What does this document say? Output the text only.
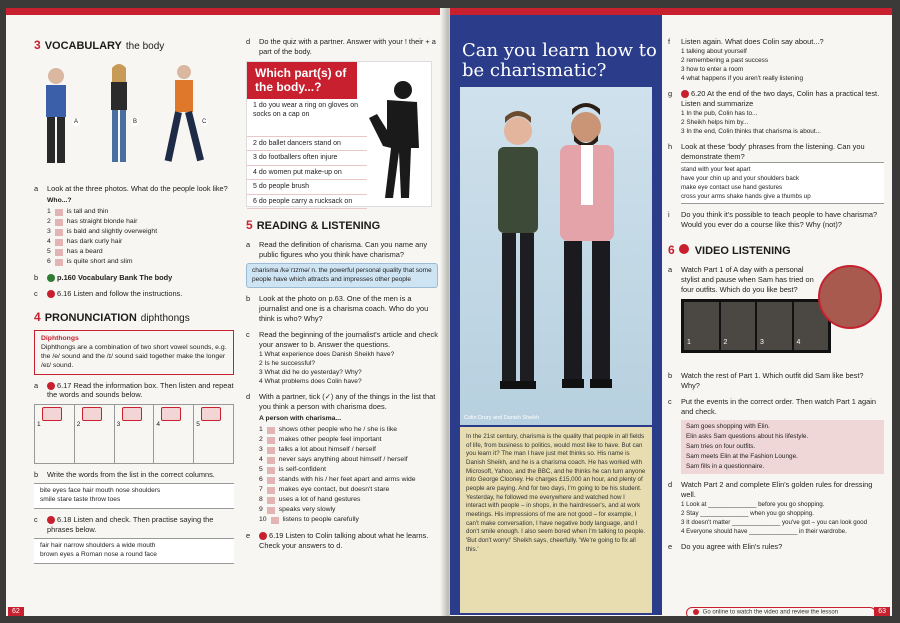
3 VOCABULARY the body
A	B	C
a	Look at the three photos. What do the people look like?
Who...?
1 is tall and thin
2 has straight blonde hair
3 is bald and slightly overweight
4 has dark curly hair
5 has a beard
6 is quite short and slim
b	p.160 Vocabulary Bank The body
c	6.16 Listen and follow the instructions.
4 PRONUNCIATION diphthongs
Diphthongs
Diphthongs are a combination of two short vowel sounds, e.g. the /e/ sound and the /ɪ/ sound said together make the longer /eɪ/ sound.
a	6.17 Read the information box. Then listen and repeat the words and sounds below.
1	2	3	4	5
b	Write the words from the list in the correct columns.
bite eyes face hair mouth nose shoulders
smile stare taste throw toes
c	6.18 Listen and check. Then practise saying the phrases below.
fair hair narrow shoulders a wide mouth
brown eyes a Roman nose a round face
d	Do the quiz with a partner. Answer with your ! their + a part of the body.
Which part(s) of the body...?
1 do you wear a ring on gloves on socks on a cap on
2 do ballet dancers stand on
3 do footballers often injure
4 do women put make-up on
5 do people brush
6 do people carry a rucksack on
5 READING & LISTENING
a	Read the definition of charisma. Can you name any public figures who you think have charisma?
charisma /kəˈrɪzmə/ n. the powerful personal quality that some people have which attracts and impresses other people
b	Look at the photo on p.63. One of the men is a journalist and one is a charisma coach. Who do you think is who? Why?
c	Read the beginning of the journalist's article and check your answer to b. Answer the questions.
1 What experience does Danish Sheikh have?
2 Is he successful?
3 What did he do yesterday? Why?
4 What problems does Colin have?
d	With a partner, tick (✓) any of the things in the list that you think a person with charisma does.
A person with charisma...
1 shows other people who he / she is like
2 makes other people feel important
3 talks a lot about himself / herself
4 never says anything about himself / herself
5 is self-confident
6 stands with his / her feet apart and arms wide
7 makes eye contact, but doesn't stare
8 uses a lot of hand gestures
9 speaks very slowly
10 listens to people carefully
e	6.19 Listen to Colin talking about what he learns. Check your answers to d.
62
Can you learn how to be charismatic?
Colin Drury and Danish Sheikh
In the 21st century, charisma is the quality that people in all fields of life, from business to politics, would most like to have. But can you learn it? The man I have just met thinks so. His name is Danish Sheikh, and he is a charisma coach. He has worked with Microsoft, Yahoo, and the BBC, and he thinks he can turn anyone into George Clooney. He charges £15,000 an hour, and plenty of people are paying. And for two days, I'm going to be his student. Yesterday, he followed me everywhere and watched how I interact with people – in shops, in the hairdresser's, and at work meetings. His impressions of me are not good – for example, I can't make conversation, I have negative body language, and I don't smile enough. I also seem bored when I'm talking to people. 'But don't worry!' Sheikh says, cheerfully. 'We're going to fix all this.'
f	Listen again. What does Colin say about...?
1 talking about yourself
2 remembering a past success
3 how to enter a room
4 what happens if you aren't really listening
g	6.20 At the end of the two days, Colin has a practical test. Listen and summarize
1 In the pub, Colin has to...
2 Sheikh helps him by...
3 In the end, Colin thinks that charisma is about...
h	Look at these 'body' phrases from the listening. Can you demonstrate them?
stand with your feet apart
have your chin up and your shoulders back
make eye contact use hand gestures
cross your arms shake hands give a thumbs up
i	Do you think it's possible to teach people to have charisma? Would you ever do a course like this? Why (not)?
6 VIDEO LISTENING
a	Watch Part 1 of A day with a personal stylist and pause when Sam has tried on four outfits. Which do you like best?
1	2	3	4
b	Watch the rest of Part 1. Which outfit did Sam like best? Why?
c	Put the events in the correct order. Then watch Part 1 again and check.
Sam goes shopping with Elin.
Elin asks Sam questions about his lifestyle.
Sam tries on four outfits.
Sam meets Elin at the Fashion Lounge.
Sam fills in a questionnaire.
d	Watch Part 2 and complete Elin's golden rules for dressing well.
1 Look at ______________ before you go shopping.
2 Stay ______________ when you go shopping.
3 It doesn't matter ______________ you've got – you can look good
4 Everyone should have ______________ in their wardrobe.
e	Do you agree with Elin's rules?
Go online to watch the video and review the lesson	63
